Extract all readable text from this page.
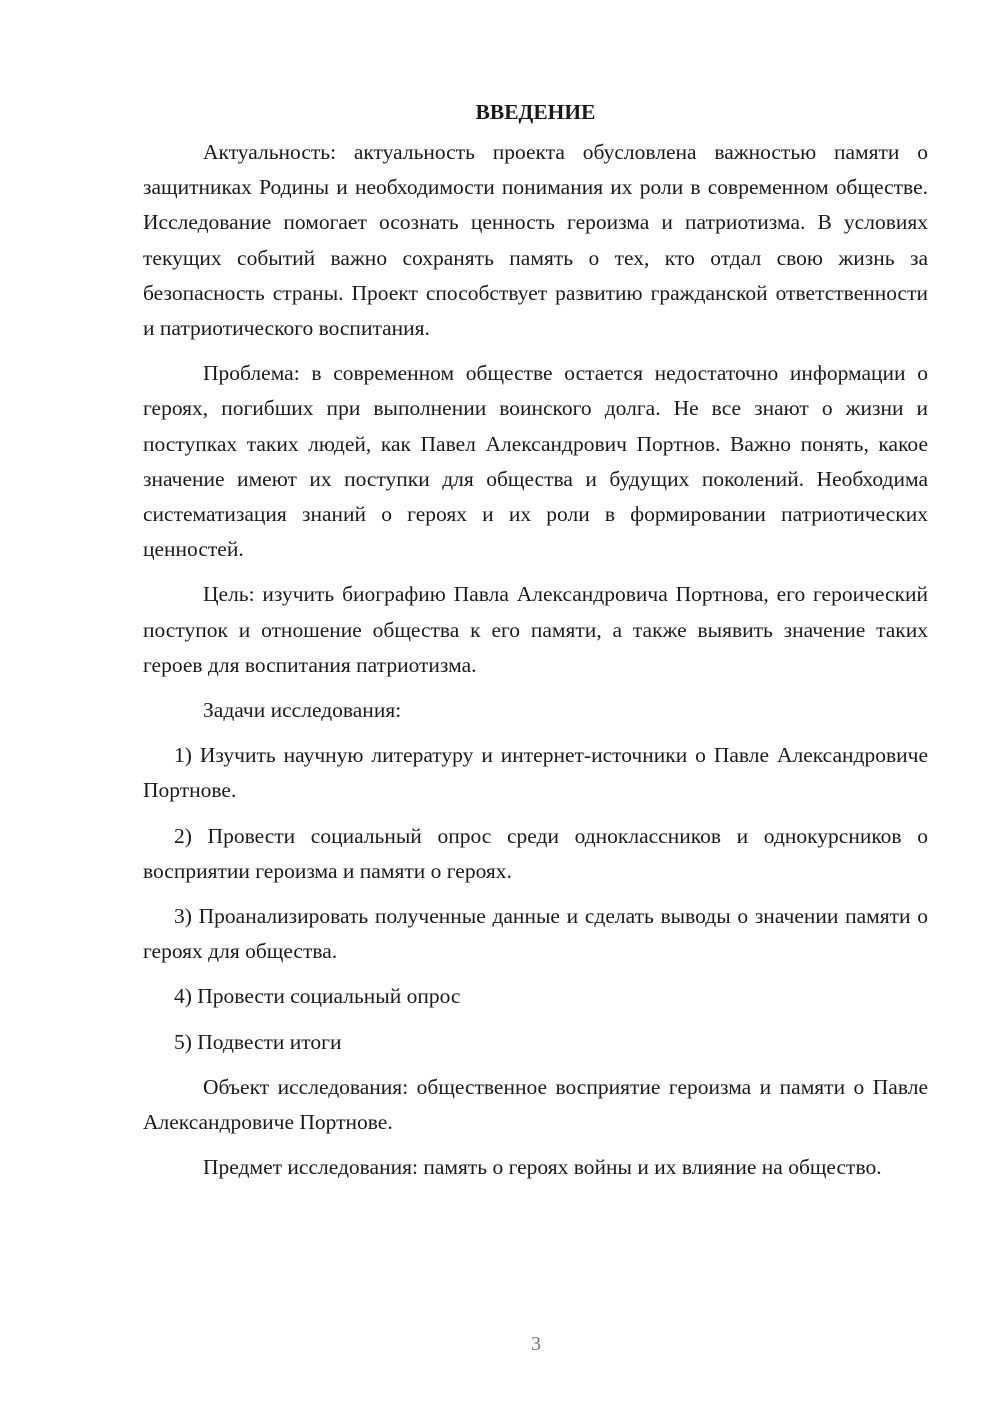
ВВЕДЕНИЕ

Актуальность: актуальность проекта обусловлена важностью памяти о защитниках Родины и необходимости понимания их роли в современном обществе. Исследование помогает осознать ценность героизма и патриотизма. В условиях текущих событий важно сохранять память о тех, кто отдал свою жизнь за безопасность страны. Проект способствует развитию гражданской ответственности и патриотического воспитания.

Проблема: в современном обществе остается недостаточно информации о героях, погибших при выполнении воинского долга. Не все знают о жизни и поступках таких людей, как Павел Александрович Портнов. Важно понять, какое значение имеют их поступки для общества и будущих поколений. Необходима систематизация знаний о героях и их роли в формировании патриотических ценностей.

Цель: изучить биографию Павла Александровича Портнова, его героический поступок и отношение общества к его памяти, а также выявить значение таких героев для воспитания патриотизма.

Задачи исследования:

1) Изучить научную литературу и интернет-источники о Павле Александровиче Портнове.

2) Провести социальный опрос среди одноклассников и однокурсников о восприятии героизма и памяти о героях.

3) Проанализировать полученные данные и сделать выводы о значении памяти о героях для общества.

4) Провести социальный опрос

5) Подвести итоги

Объект исследования: общественное восприятие героизма и памяти о Павле Александровиче Портнове.

Предмет исследования: память о героях войны и их влияние на общество.

3
